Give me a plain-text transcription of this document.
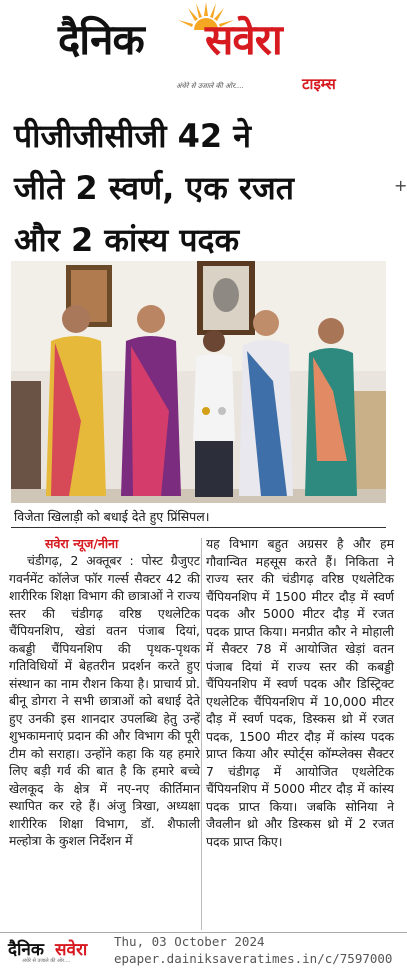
दैनिक सवेरा
अंधेरे से उजाले की ओर....	टाइम्स
पीजीजीसीजी 42 ने
जीते 2 स्वर्ण, एक रजत
और 2 कांस्य पदक
+
विजेता खिलाड़ी को बधाई देते हुए प्रिंसिपल।
सवेरा न्यूज/नीना

चंडीगढ़, 2 अक्तूबर : पोस्ट ग्रैजुएट गवर्नमेंट कॉलेज फॉर गर्ल्स सैक्टर 42 की शारीरिक शिक्षा विभाग की छात्राओं ने राज्य स्तर की चंडीगढ़ वरिष्ठ एथलेटिक चैंपियनशिप, खेडां वतन पंजाब दियां, कबड्डी चैंपियनशिप की पृथक-पृथक गतिविधियों में बेहतरीन प्रदर्शन करते हुए संस्थान का नाम रौशन किया है। प्राचार्य प्रो. बीनू डोगरा ने सभी छात्राओं को बधाई देते हुए उनकी इस शानदार उपलब्धि हेतु उन्हें शुभकामनाएं प्रदान की और विभाग की पूरी टीम को सराहा। उन्होंने कहा कि यह हमारे लिए बड़ी गर्व की बात है कि हमारे बच्चे खेलकूद के क्षेत्र में नए-नए कीर्तिमान स्थापित कर रहे हैं। अंजु त्रिखा, अध्यक्षा शारीरिक शिक्षा विभाग, डॉ. शैफाली मल्होत्रा के कुशल निर्देशन में

यह विभाग बहुत अग्रसर है और हम गौवान्वित महसूस करते हैं। निकिता ने राज्य स्तर की चंडीगढ़ वरिष्ठ एथलेटिक चैंपियनशिप में 1500 मीटर दौड़ में स्वर्ण पदक और 5000 मीटर दौड़ में रजत पदक प्राप्त किया। मनप्रीत कौर ने मोहाली में सैक्टर 78 में आयोजित खेड़ां वतन पंजाब दियां में राज्य स्तर की कबड्डी चैंपियनशिप में स्वर्ण पदक और डिस्ट्रिक्ट एथलेटिक चैंपियनशिप में 10,000 मीटर दौड़ में स्वर्ण पदक, डिस्कस थ्रो में रजत पदक, 1500 मीटर दौड़ में कांस्य पदक प्राप्त किया और स्पोर्ट्स कॉम्प्लेक्स सैक्टर 7 चंडीगढ़ में आयोजित एथलेटिक चैंपियनशिप में 5000 मीटर दौड़ में कांस्य पदक प्राप्त किया। जबकि सोनिया ने जैवलीन थ्रो और डिस्कस थ्रो में 2 रजत पदक प्राप्त किए।

दैनिक सवेरा
अंधेरे से उजाले की ओर....
Thu, 03 October 2024
epaper.dainiksaveratimes.in/c/7597000
